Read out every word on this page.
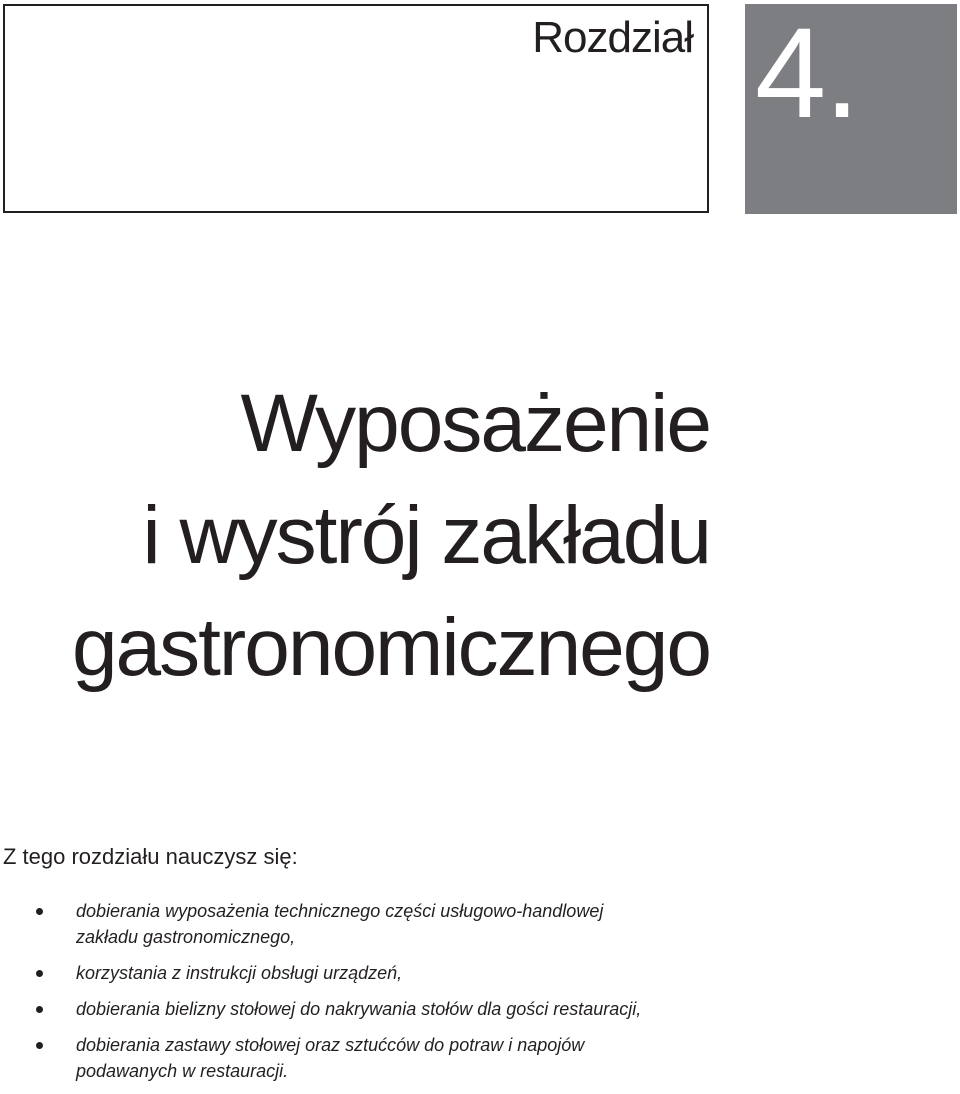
Rozdział 4.
Wyposażenie
i wystrój zakładu
gastronomicznego
Z tego rozdziału nauczysz się:
dobierania wyposażenia technicznego części usługowo-handlowej
zakładu gastronomicznego,
korzystania z instrukcji obsługi urządzeń,
dobierania bielizny stołowej do nakrywania stołów dla gości restauracji,
dobierania zastawy stołowej oraz sztućców do potraw i napojów
podawanych w restauracji.
